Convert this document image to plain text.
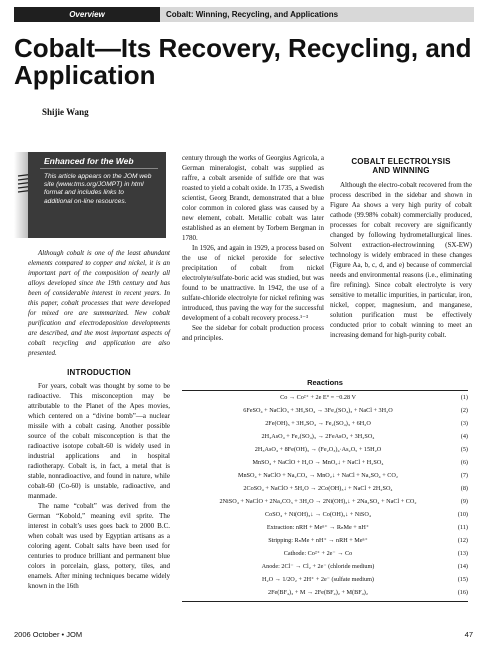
Overview	Cobalt: Winning, Recycling, and Applications
Cobalt—Its Recovery, Recycling, and Application
Shijie Wang
Enhanced for the Web
This article appears on the JOM web site (www.tms.org/JOMPT) in html format and includes links to additional on-line resources.

Although cobalt is one of the least abundant elements compared to copper and nickel, it is an important part of the composition of nearly all alloys developed since the 19th century and has been of considerable interest in recent years. In this paper, cobalt processes that were developed for mixed ore are summarized. New cobalt purification and electrodeposition developments are described, and the most important aspects of cobalt recycling and application are also presented.

INTRODUCTION

For years, cobalt was thought by some to be radioactive. This misconception may be attributable to the Planet of the Apes movies, which centered on a “divine bomb”—a nuclear missile with a cobalt casing. Another possible source of the cobalt misconception is that the radioactive isotope cobalt-60 is widely used in industrial applications and in hospital radiotherapy. Cobalt is, in fact, a metal that is stable, nonradioactive, and found in nature, while cobalt-60 (Co-60) is unstable, radioactive, and manmade.

The name “cobalt” was derived from the German “Kobold,” meaning evil sprite. The interest in cobalt’s uses goes back to 2000 B.C. when cobalt was used by Egyptian artisans as a coloring agent. Cobalt salts have been used for centuries to produce brilliant and permanent blue colors in porcelain, glass, pottery, tiles, and enamels. After mining techniques became widely known in the 16th

century through the works of Georgius Agricola, a German mineralogist, cobalt was supplied as raffre, a cobalt arsenide of sulfide ore that was roasted to yield a cobalt oxide. In 1735, a Swedish scientist, Georg Brandt, demonstrated that a blue color common in colored glass was caused by a new element, cobalt. Metallic cobalt was later established as an element by Torbern Bergman in 1780.

In 1926, and again in 1929, a process based on the use of nickel peroxide for selective precipitation of cobalt from nickel electrolyte/sulfate-boric acid was studied, but was found to be unattractive. In 1942, the use of a sulfate-chloride electrolyte for nickel refining was introduced, thus paving the way for the successful development of a cobalt recovery process.¹⁻³

See the sidebar for cobalt production process and principles.

COBALT ELECTROLYSIS AND WINNING

Although the electro-cobalt recovered from the process described in the sidebar and shown in Figure Aa shows a very high purity of cobalt cathode (99.98% cobalt) commercially produced, processes for cobalt recovery are significantly changed by following hydrometallurgical lines. Solvent extraction-electrowinning (SX-EW) technology is widely embraced in these changes (Figure Aa, b, c, d, and e) because of commercial needs and environmental reasons (i.e., eliminating fire refining). Since cobalt electrolyte is very sensitive to metallic impurities, in particular, iron, nickel, copper, magnesium, and manganese, solution purification must be effectively conducted prior to cobalt winning to meet an increasing demand for high-purity cobalt.

Reactions
Co → Co²⁺ + 2e E° = −0.28 V	(1)
6FeSO₄ + NaClO₃ + 3H₂SO₄ → 3Fe₂(SO₄)₃ + NaCl + 3H₂O	(2)
2Fe(OH)₃ + 3H₂SO₄ → Fe₂(SO₄)₃ + 6H₂O	(3)
2H₃AsO₄ + Fe₂(SO₄)₃ → 2FeAsO₄ + 3H₂SO₄	(4)
2H₃AsO₄ + 8Fe(OH)₃ → (Fe₂O₃)₄·As₂O₅ + 15H₂O	(5)
MnSO₄ + NaClO + H₂O → MnO₂↓ + NaCl + H₂SO₄	(6)
MnSO₄ + NaClO + Na₂CO₃ → MnO₂↓ + NaCl + Na₂SO₄ + CO₂	(7)
2CoSO₄ + NaClO + 5H₂O → 2Co(OH)₃↓ + NaCl + 2H₂SO₄	(8)
2NiSO₄ + NaClO + 2Na₂CO₃ + 3H₂O → 2Ni(OH)₃↓ + 2Na₂SO₄ + NaCl + CO₂	(9)
CoSO₄ + Ni(OH)₃↓ → Co(OH)₃↓ + NiSO₄	(10)
Extraction: nRH + Meⁿ⁺ → RₙMe + nH⁺	(11)
Stripping: RₙMe + nH⁺ → nRH + Meⁿ⁺	(12)
Cathode: Co²⁺ + 2e⁻ → Co	(13)
Anode: 2Cl⁻ → Cl₂ + 2e⁻ (chloride medium)	(14)
H₂O → 1/2O₂ + 2H⁺ + 2e⁻ (sulfate medium)	(15)
2Fe(BF₄)₃ + M → 2Fe(BF₄)₂ + M(BF₄)₂	(16)
2006 October • JOM	47
